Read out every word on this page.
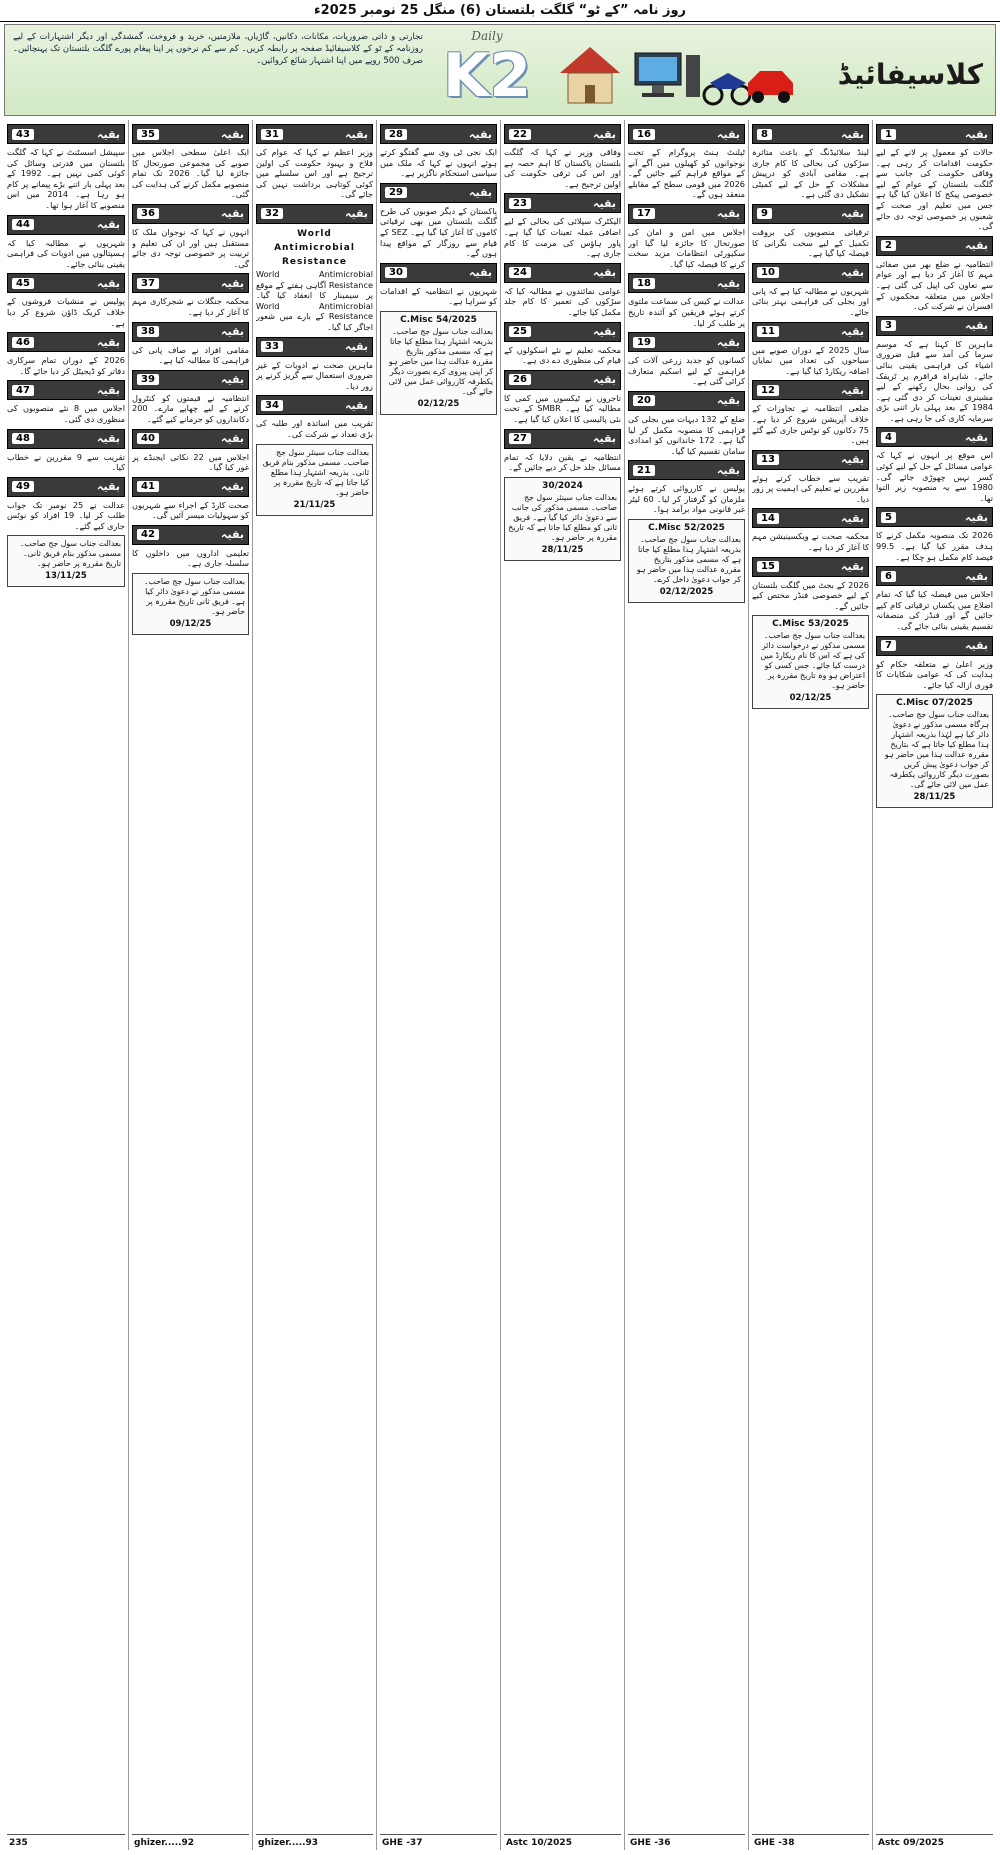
روز نامہ ”کے ٹو“ گلگت بلتستان (6) منگل 25 نومبر 2025ء
تجارتی و ذاتی ضروریات، مکانات، دکانیں، گاڑیاں، ملازمتیں، خرید و فروخت، گمشدگی اور دیگر اشتہارات کے لیے روزنامہ کے ٹو کے کلاسیفائیڈ صفحہ پر رابطہ کریں۔ کم سے کم نرخوں پر اپنا پیغام پورے گلگت بلتستان تک پہنچائیں۔ صرف 500 روپے میں اپنا اشتہار شائع کروائیں۔
Daily
K2	کلاسیفائیڈ
بقیہ
1
حالات کو معمول پر لانے کے لیے حکومت اقدامات کر رہی ہے۔ وفاقی حکومت کی جانب سے گلگت بلتستان کے عوام کے لیے خصوصی پیکج کا اعلان کیا گیا ہے جس میں تعلیم اور صحت کے شعبوں پر خصوصی توجہ دی جائے گی۔
بقیہ
2
انتظامیہ نے ضلع بھر میں صفائی مہم کا آغاز کر دیا ہے اور عوام سے تعاون کی اپیل کی گئی ہے۔ اجلاس میں متعلقہ محکموں کے افسران نے شرکت کی۔
بقیہ
3
ماہرین کا کہنا ہے کہ موسم سرما کی آمد سے قبل ضروری اشیاء کی فراہمی یقینی بنائی جائے۔ شاہراہ قراقرم پر ٹریفک کی روانی بحال رکھنے کے لیے مشینری تعینات کر دی گئی ہے۔ 1984 کے بعد پہلی بار اتنی بڑی سرمایہ کاری کی جا رہی ہے۔
بقیہ
4
اس موقع پر انہوں نے کہا کہ عوامی مسائل کے حل کے لیے کوئی کسر نہیں چھوڑی جائے گی۔ 1980 سے یہ منصوبہ زیر التوا تھا۔
بقیہ
5
2026 تک منصوبہ مکمل کرنے کا ہدف مقرر کیا گیا ہے۔ 99.5 فیصد کام مکمل ہو چکا ہے۔
بقیہ
6
اجلاس میں فیصلہ کیا گیا کہ تمام اضلاع میں یکساں ترقیاتی کام کیے جائیں گے اور فنڈز کی منصفانہ تقسیم یقینی بنائی جائے گی۔
بقیہ
7
وزیر اعلیٰ نے متعلقہ حکام کو ہدایت کی کہ عوامی شکایات کا فوری ازالہ کیا جائے۔
C.Misc 07/2025
بعدالت جناب سول جج صاحب۔ ہرگاہ مسمی مذکور نے دعویٰ دائر کیا ہے لہٰذا بذریعہ اشتہار ہذا مطلع کیا جاتا ہے کہ بتاریخ مقررہ عدالت ہذا میں حاضر ہو کر جواب دعویٰ پیش کریں بصورت دیگر کارروائی یکطرفہ عمل میں لائی جائے گی۔
28/11/25
Astc 09/2025
بقیہ
8
لینڈ سلائیڈنگ کے باعث متاثرہ سڑکوں کی بحالی کا کام جاری ہے۔ مقامی آبادی کو درپیش مشکلات کے حل کے لیے کمیٹی تشکیل دی گئی ہے۔
بقیہ
9
ترقیاتی منصوبوں کی بروقت تکمیل کے لیے سخت نگرانی کا فیصلہ کیا گیا ہے۔
بقیہ
10
شہریوں نے مطالبہ کیا ہے کہ پانی اور بجلی کی فراہمی بہتر بنائی جائے۔
بقیہ
11
سال 2025 کے دوران صوبے میں سیاحوں کی تعداد میں نمایاں اضافہ ریکارڈ کیا گیا ہے۔
بقیہ
12
ضلعی انتظامیہ نے تجاوزات کے خلاف آپریشن شروع کر دیا ہے۔ 75 دکانوں کو نوٹس جاری کیے گئے ہیں۔
بقیہ
13
تقریب سے خطاب کرتے ہوئے مقررین نے تعلیم کی اہمیت پر زور دیا۔
بقیہ
14
محکمہ صحت نے ویکسینیشن مہم کا آغاز کر دیا ہے۔
بقیہ
15
2026 کے بجٹ میں گلگت بلتستان کے لیے خصوصی فنڈز مختص کیے جائیں گے۔
C.Misc 53/2025
بعدالت جناب سول جج صاحب۔ مسمی مذکور نے درخواست دائر کی ہے کہ اس کا نام ریکارڈ میں درست کیا جائے۔ جس کسی کو اعتراض ہو وہ تاریخ مقررہ پر حاضر ہو۔
02/12/25
GHE -38
بقیہ
16
ٹیلنٹ ہنٹ پروگرام کے تحت نوجوانوں کو کھیلوں میں آگے آنے کے مواقع فراہم کیے جائیں گے۔ 2026 میں قومی سطح کے مقابلے منعقد ہوں گے۔
بقیہ
17
اجلاس میں امن و امان کی صورتحال کا جائزہ لیا گیا اور سکیورٹی انتظامات مزید سخت کرنے کا فیصلہ کیا گیا۔
بقیہ
18
عدالت نے کیس کی سماعت ملتوی کرتے ہوئے فریقین کو آئندہ تاریخ پر طلب کر لیا۔
بقیہ
19
کسانوں کو جدید زرعی آلات کی فراہمی کے لیے اسکیم متعارف کرائی گئی ہے۔
بقیہ
20
ضلع کے 132 دیہات میں بجلی کی فراہمی کا منصوبہ مکمل کر لیا گیا ہے۔ 172 خاندانوں کو امدادی سامان تقسیم کیا گیا۔
بقیہ
21
پولیس نے کارروائی کرتے ہوئے ملزمان کو گرفتار کر لیا۔ 60 لیٹر غیر قانونی مواد برآمد ہوا۔
C.Misc 52/2025
بعدالت جناب سول جج صاحب۔ بذریعہ اشتہار ہذا مطلع کیا جاتا ہے کہ مسمی مذکور بتاریخ مقررہ عدالت ہذا میں حاضر ہو کر جواب دعویٰ داخل کرے۔
02/12/2025
GHE -36
بقیہ
22
وفاقی وزیر نے کہا کہ گلگت بلتستان پاکستان کا اہم حصہ ہے اور اس کی ترقی حکومت کی اولین ترجیح ہے۔
بقیہ
23
الیکٹرک سپلائی کی بحالی کے لیے اضافی عملہ تعینات کیا گیا ہے۔ پاور ہاؤس کی مرمت کا کام جاری ہے۔
بقیہ
24
عوامی نمائندوں نے مطالبہ کیا کہ سڑکوں کی تعمیر کا کام جلد مکمل کیا جائے۔
بقیہ
25
محکمہ تعلیم نے نئے اسکولوں کے قیام کی منظوری دے دی ہے۔
بقیہ
26
تاجروں نے ٹیکسوں میں کمی کا مطالبہ کیا ہے۔ SMBR کے تحت نئی پالیسی کا اعلان کیا گیا ہے۔
بقیہ
27
انتظامیہ نے یقین دلایا کہ تمام مسائل جلد حل کر دیے جائیں گے۔
30/2024
بعدالت جناب سینئر سول جج صاحب۔ مسمی مذکور کی جانب سے دعویٰ دائر کیا گیا ہے۔ فریق ثانی کو مطلع کیا جاتا ہے کہ تاریخ مقررہ پر حاضر ہو۔
28/11/25
Astc 10/2025
بقیہ
28
ایک نجی ٹی وی سے گفتگو کرتے ہوئے انہوں نے کہا کہ ملک میں سیاسی استحکام ناگزیر ہے۔
بقیہ
29
پاکستان کے دیگر صوبوں کی طرح گلگت بلتستان میں بھی ترقیاتی کاموں کا آغاز کیا گیا ہے۔ SEZ کے قیام سے روزگار کے مواقع پیدا ہوں گے۔
بقیہ
30
شہریوں نے انتظامیہ کے اقدامات کو سراہا ہے۔
C.Misc 54/2025
بعدالت جناب سول جج صاحب۔ بذریعہ اشتہار ہذا مطلع کیا جاتا ہے کہ مسمی مذکور بتاریخ مقررہ عدالت ہذا میں حاضر ہو کر اپنی پیروی کرے بصورت دیگر یکطرفہ کارروائی عمل میں لائی جائے گی۔
02/12/25
GHE -37
بقیہ
31
وزیر اعظم نے کہا کہ عوام کی فلاح و بہبود حکومت کی اولین ترجیح ہے اور اس سلسلے میں کوئی کوتاہی برداشت نہیں کی جائے گی۔
بقیہ
32
World
Antimicrobial
Resistance
World Antimicrobial Resistance آگاہی ہفتے کے موقع پر سیمینار کا انعقاد کیا گیا۔ World Antimicrobial Resistance کے بارے میں شعور اجاگر کیا گیا۔
بقیہ
33
ماہرین صحت نے ادویات کے غیر ضروری استعمال سے گریز کرنے پر زور دیا۔
بقیہ
34
تقریب میں اساتذہ اور طلبہ کی بڑی تعداد نے شرکت کی۔
بعدالت جناب سینئر سول جج صاحب۔ مسمی مذکور بنام فریق ثانی۔ بذریعہ اشتہار ہذا مطلع کیا جاتا ہے کہ تاریخ مقررہ پر حاضر ہو۔
21/11/25
ghizer.....93
بقیہ
35
ایک اعلیٰ سطحی اجلاس میں صوبے کی مجموعی صورتحال کا جائزہ لیا گیا۔ 2026 تک تمام منصوبے مکمل کرنے کی ہدایت کی گئی۔
بقیہ
36
انہوں نے کہا کہ نوجوان ملک کا مستقبل ہیں اور ان کی تعلیم و تربیت پر خصوصی توجہ دی جائے گی۔
بقیہ
37
محکمہ جنگلات نے شجرکاری مہم کا آغاز کر دیا ہے۔
بقیہ
38
مقامی افراد نے صاف پانی کی فراہمی کا مطالبہ کیا ہے۔
بقیہ
39
انتظامیہ نے قیمتوں کو کنٹرول کرنے کے لیے چھاپے مارے۔ 200 دکانداروں کو جرمانے کیے گئے۔
بقیہ
40
اجلاس میں 22 نکاتی ایجنڈے پر غور کیا گیا۔
بقیہ
41
صحت کارڈ کے اجراء سے شہریوں کو سہولیات میسر آئیں گی۔
بقیہ
42
تعلیمی اداروں میں داخلوں کا سلسلہ جاری ہے۔
بعدالت جناب سول جج صاحب۔ مسمی مذکور نے دعویٰ دائر کیا ہے۔ فریق ثانی تاریخ مقررہ پر حاضر ہو۔
09/12/25
ghizer.....92
بقیہ
43
سپیشل اسسٹنٹ نے کہا کہ گلگت بلتستان میں قدرتی وسائل کی کوئی کمی نہیں ہے۔ 1992 کے بعد پہلی بار اتنے بڑے پیمانے پر کام ہو رہا ہے۔ 2014 میں اس منصوبے کا آغاز ہوا تھا۔
بقیہ
44
شہریوں نے مطالبہ کیا کہ ہسپتالوں میں ادویات کی فراہمی یقینی بنائی جائے۔
بقیہ
45
پولیس نے منشیات فروشوں کے خلاف کریک ڈاؤن شروع کر دیا ہے۔
بقیہ
46
2026 کے دوران تمام سرکاری دفاتر کو ڈیجیٹل کر دیا جائے گا۔
بقیہ
47
اجلاس میں 8 نئے منصوبوں کی منظوری دی گئی۔
بقیہ
48
تقریب سے 9 مقررین نے خطاب کیا۔
بقیہ
49
عدالت نے 25 نومبر تک جواب طلب کر لیا۔ 19 افراد کو نوٹس جاری کیے گئے۔
بعدالت جناب سول جج صاحب۔ مسمی مذکور بنام فریق ثانی۔ تاریخ مقررہ پر حاضر ہو۔
13/11/25
235
